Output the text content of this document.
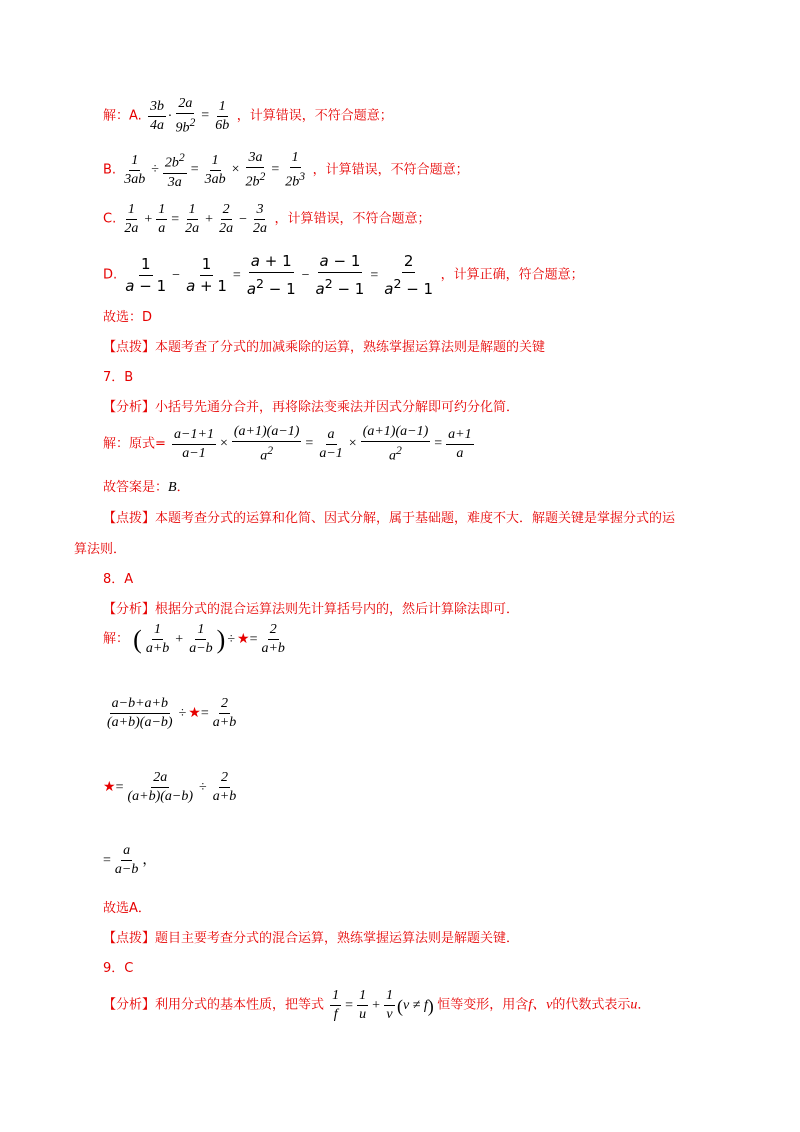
解：A. $\frac{3b}{4a} \cdot \frac{2a}{9b^2} = \frac{1}{6b}$ ，计算错误，不符合题意；
B. $\frac{1}{3ab} \div \frac{2b^2}{3a} = \frac{1}{3ab} \times \frac{3a}{2b^2} = \frac{1}{2b^3}$ ，计算错误，不符合题意；
C. $\frac{1}{2a} + \frac{1}{a} = \frac{1}{2a} + \frac{2}{2a} - \frac{3}{2a}$ ，计算错误，不符合题意；
D. $\frac{1}{a - 1} - \frac{1}{a + 1} = \frac{a + 1}{a^2 - 1} - \frac{a - 1}{a^2 - 1} = \frac{2}{a^2 - 1}$ ，计算正确，符合题意；
故选：D
【点拨】本题考查了分式的加减乘除的运算，熟练掌握运算法则是解题的关键
7．B
【分析】小括号先通分合并，再将除法变乘法并因式分解即可约分化简．
解：原式= $\frac{a-1+1}{a-1} \times \frac{(a+1)(a-1)}{a^2} = \frac{a}{a-1} \times \frac{(a+1)(a-1)}{a^2} = \frac{a+1}{a}$
故答案是：B．
【点拨】本题考查分式的运算和化简、因式分解，属于基础题，难度不大．解题关键是掌握分式的运
算法则．
8．A
【分析】根据分式的混合运算法则先计算括号内的，然后计算除法即可．
解： ( $\frac{1}{a+b} + \frac{1}{a-b}$ ) ÷ ★= $\frac{2}{a+b}$
$\frac{a-b+a+b}{(a+b)(a-b)}$ ÷ ★= $\frac{2}{a+b}$
★= $\frac{2a}{(a+b)(a-b)} \div \frac{2}{a+b}$
= $\frac{a}{a-b}$ ，
故选A．
【点拨】题目主要考查分式的混合运算，熟练掌握运算法则是解题关键．
9．C
【分析】利用分式的基本性质，把等式 $\frac{1}{f} = \frac{1}{u} + \frac{1}{v} (v \ne f)$ 恒等变形，用含f、v的代数式表示u．
